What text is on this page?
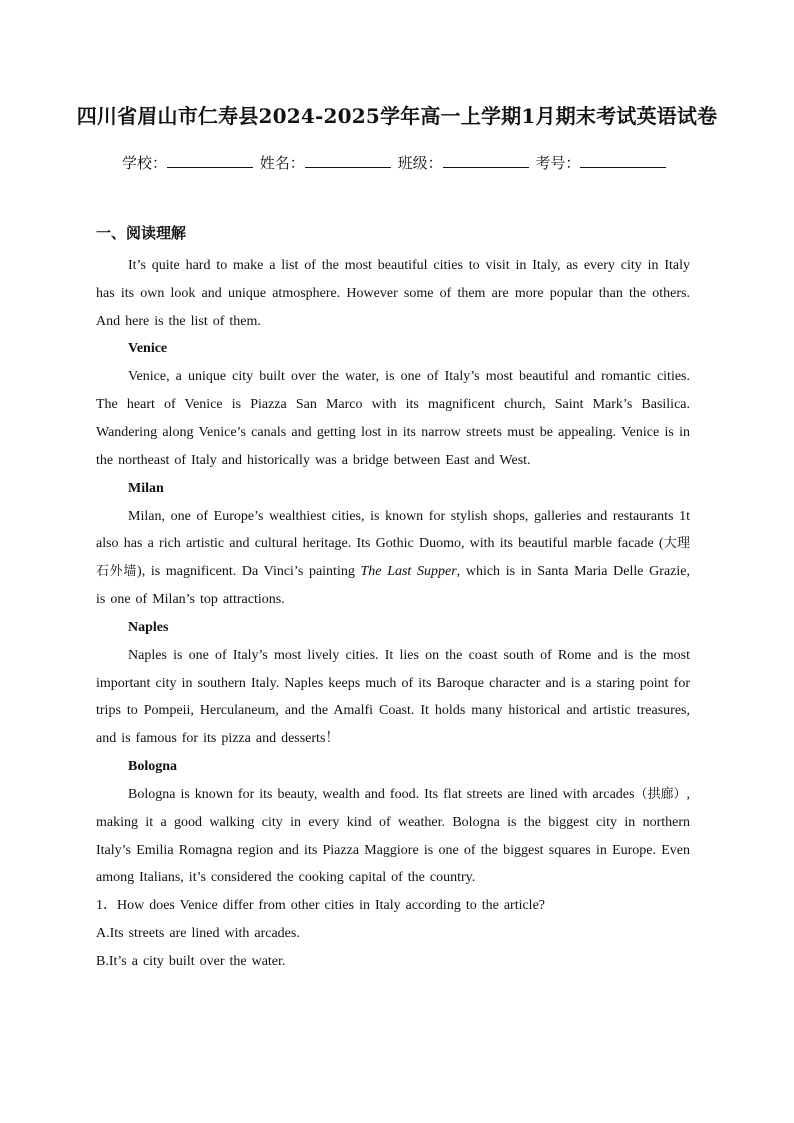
四川省眉山市仁寿县2024-2025学年高一上学期1月期末考试英语试卷
学校：	姓名：	班级：	考号：
一、阅读理解

It’s quite hard to make a list of the most beautiful cities to visit in Italy, as every city in Italy has its own look and unique atmosphere. However some of them are more popular than the others. And here is the list of them.

Venice

Venice, a unique city built over the water, is one of Italy’s most beautiful and romantic cities. The heart of Venice is Piazza San Marco with its magnificent church, Saint Mark’s Basilica. Wandering along Venice’s canals and getting lost in its narrow streets must be appealing. Venice is in the northeast of Italy and historically was a bridge between East and West.

Milan

Milan, one of Europe’s wealthiest cities, is known for stylish shops, galleries and restaurants 1t also has a rich artistic and cultural heritage. Its Gothic Duomo, with its beautiful marble facade (大理石外墙), is magnificent. Da Vinci’s painting The Last Supper, which is in Santa Maria Delle Grazie, is one of Milan’s top attractions.

Naples

Naples is one of Italy’s most lively cities. It lies on the coast south of Rome and is the most important city in southern Italy. Naples keeps much of its Baroque character and is a staring point for trips to Pompeii, Herculaneum, and the Amalfi Coast. It holds many historical and artistic treasures, and is famous for its pizza and desserts！

Bologna

Bologna is known for its beauty, wealth and food. Its flat streets are lined with arcades（拱廊）, making it a good walking city in every kind of weather. Bologna is the biggest city in northern Italy’s Emilia Romagna region and its Piazza Maggiore is one of the biggest squares in Europe. Even among Italians, it’s considered the cooking capital of the country.

1．How does Venice differ from other cities in Italy according to the article?
A.Its streets are lined with arcades.
B.It’s a city built over the water.
